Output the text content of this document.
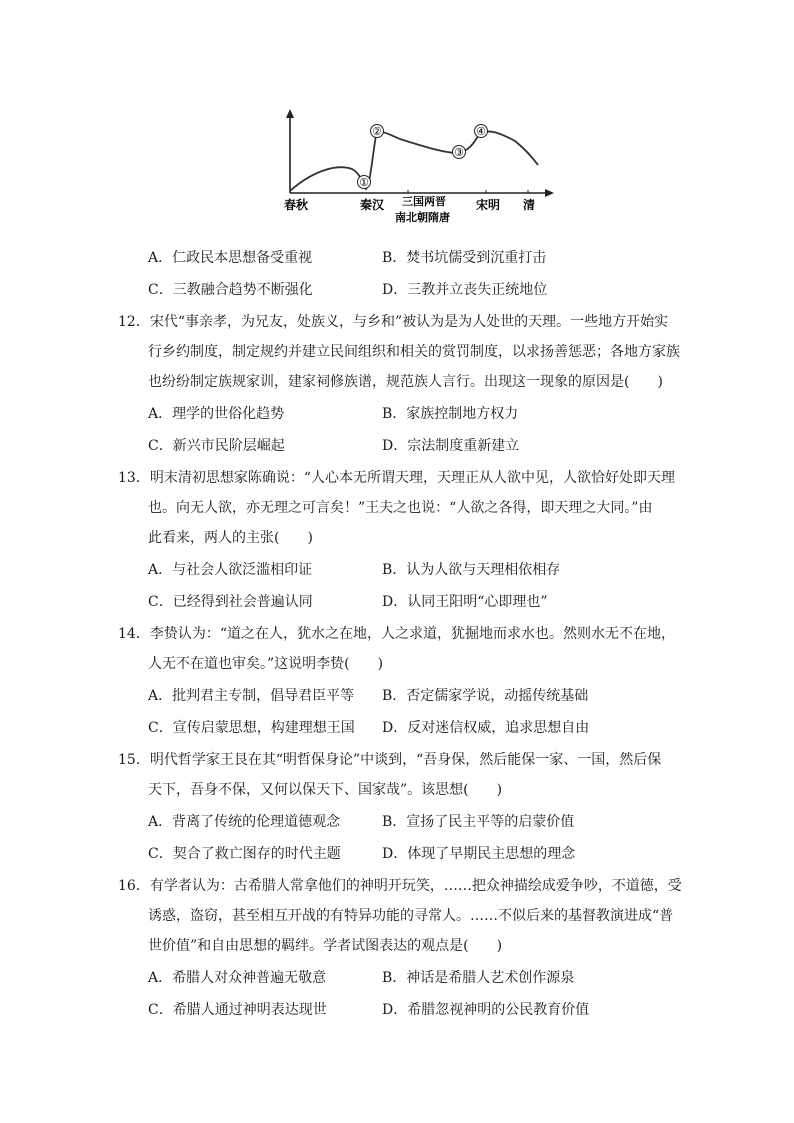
①
②
③
④
春秋	秦汉 三国两晋
南北朝隋唐
宋明 清
A．仁政民本思想备受重视	B．焚书坑儒受到沉重打击
C．三教融合趋势不断强化	D．三教并立丧失正统地位
12．宋代“事亲孝，为兄友，处族义，与乡和”被认为是为人处世的天理。一些地方开始实
行乡约制度，制定规约并建立民间组织和相关的赏罚制度，以求扬善惩恶；各地方家族
也纷纷制定族规家训，建家祠修族谱，规范族人言行。出现这一现象的原因是(　　)
A．理学的世俗化趋势	B．家族控制地方权力
C．新兴市民阶层崛起	D．宗法制度重新建立
13．明末清初思想家陈确说：“人心本无所谓天理，天理正从人欲中见，人欲恰好处即天理
也。向无人欲，亦无理之可言矣！”王夫之也说：“人欲之各得，即天理之大同。”由
此看来，两人的主张(　　)
A．与社会人欲泛滥相印证	B．认为人欲与天理相依相存
C．已经得到社会普遍认同	D．认同王阳明“心即理也”
14．李贽认为：“道之在人，犹水之在地，人之求道，犹掘地而求水也。然则水无不在地，
人无不在道也审矣。”这说明李贽(　　)
A．批判君主专制，倡导君臣平等 B．否定儒家学说，动摇传统基础
C．宣传启蒙思想，构建理想王国 D．反对迷信权威，追求思想自由
15．明代哲学家王艮在其“明哲保身论”中谈到，“吾身保，然后能保一家、一国，然后保
天下，吾身不保，又何以保天下、国家哉”。该思想(　　)
A．背离了传统的伦理道德观念	B．宣扬了民主平等的启蒙价值
C．契合了救亡图存的时代主题	D．体现了早期民主思想的理念
16．有学者认为：古希腊人常拿他们的神明开玩笑，……把众神描绘成爱争吵，不道德，受
诱惑，盗窃，甚至相互开战的有特异功能的寻常人。……不似后来的基督教演进成“普
世价值”和自由思想的羁绊。学者试图表达的观点是(　　)
A．希腊人对众神普遍无敬意	B．神话是希腊人艺术创作源泉
C．希腊人通过神明表达现世	D．希腊忽视神明的公民教育价值
